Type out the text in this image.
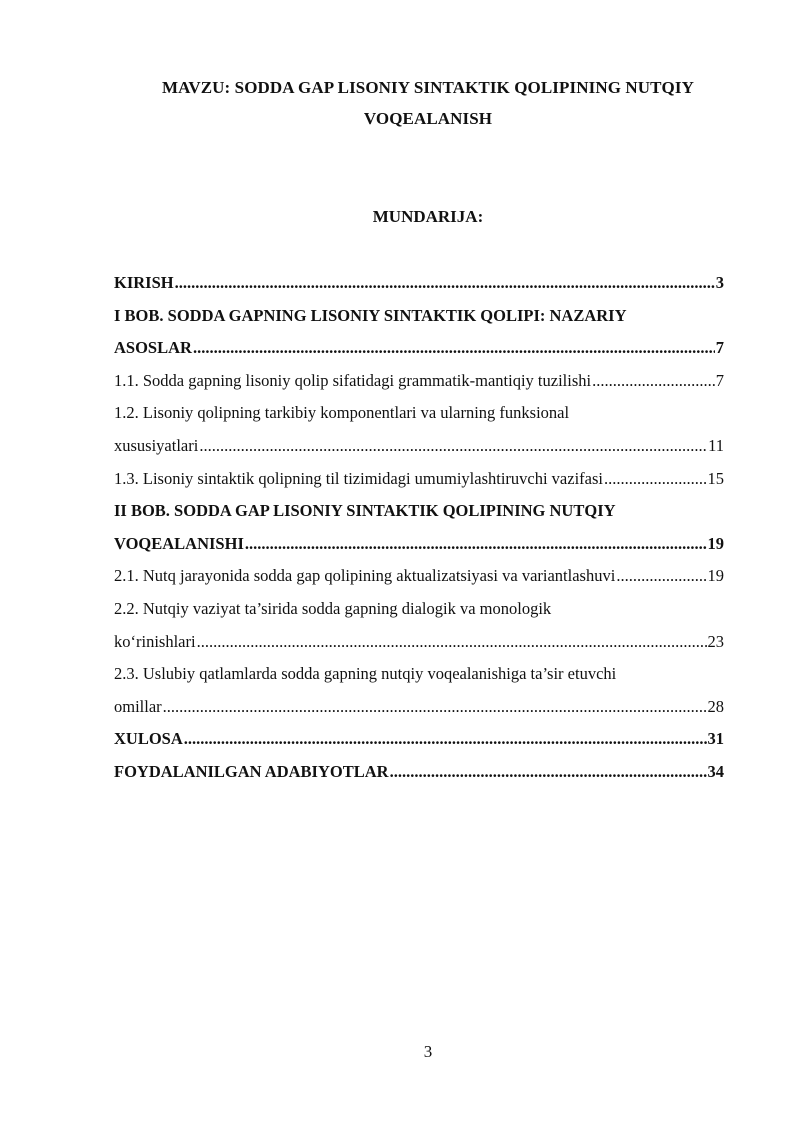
MAVZU: SODDA GAP LISONIY SINTAKTIK QOLIPINING NUTQIY
VOQEALANISH
MUNDARIJA:
KIRISH .....	3
I BOB. SODDA GAPNING LISONIY SINTAKTIK QOLIPI: NAZARIY
ASOSLAR .....	7
1.1. Sodda gapning lisoniy qolip sifatidagi grammatik-mantiqiy tuzilishi .....	7
1.2. Lisoniy qolipning tarkibiy komponentlari va ularning funksional
xususiyatlari .....	11
1.3. Lisoniy sintaktik qolipning til tizimidagi umumiylashtiruvchi vazifasi .....	15
II BOB. SODDA GAP LISONIY SINTAKTIK QOLIPINING NUTQIY
VOQEALANISHI .....	19
2.1. Nutq jarayonida sodda gap qolipining aktualizatsiyasi va variantlashuvi .....	19
2.2. Nutqiy vaziyat ta’sirida sodda gapning dialogik va monologik
ko‘rinishlari .....	23
2.3. Uslubiy qatlamlarda sodda gapning nutqiy voqealanishiga ta’sir etuvchi
omillar .....	28
XULOSA .....	31
FOYDALANILGAN ADABIYOTLAR .....	34
3
